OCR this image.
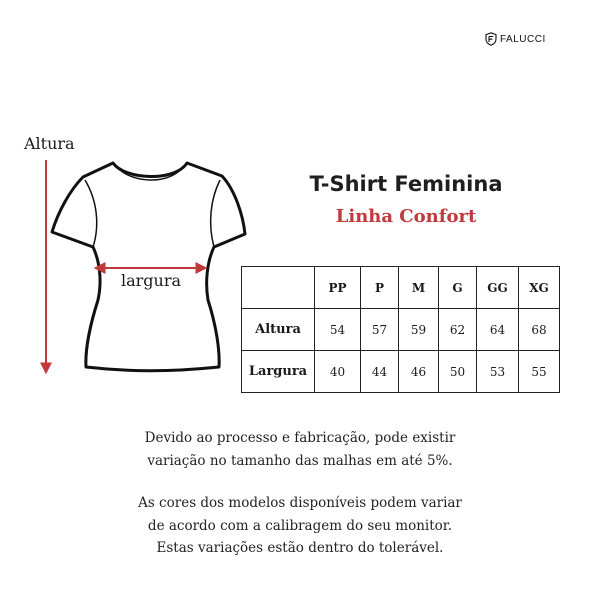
FALUCCI
Altura
largura
T-Shirt Feminina
Linha Confort
	PP	P	M	G	GG	XG
Altura	54	57	59	62	64	68
Largura	40	44	46	50	53	55

Devido ao processo e fabricação, pode existir

variação no tamanho das malhas em até 5%.

As cores dos modelos disponíveis podem variar

de acordo com a calibragem do seu monitor.

Estas variações estão dentro do tolerável.
